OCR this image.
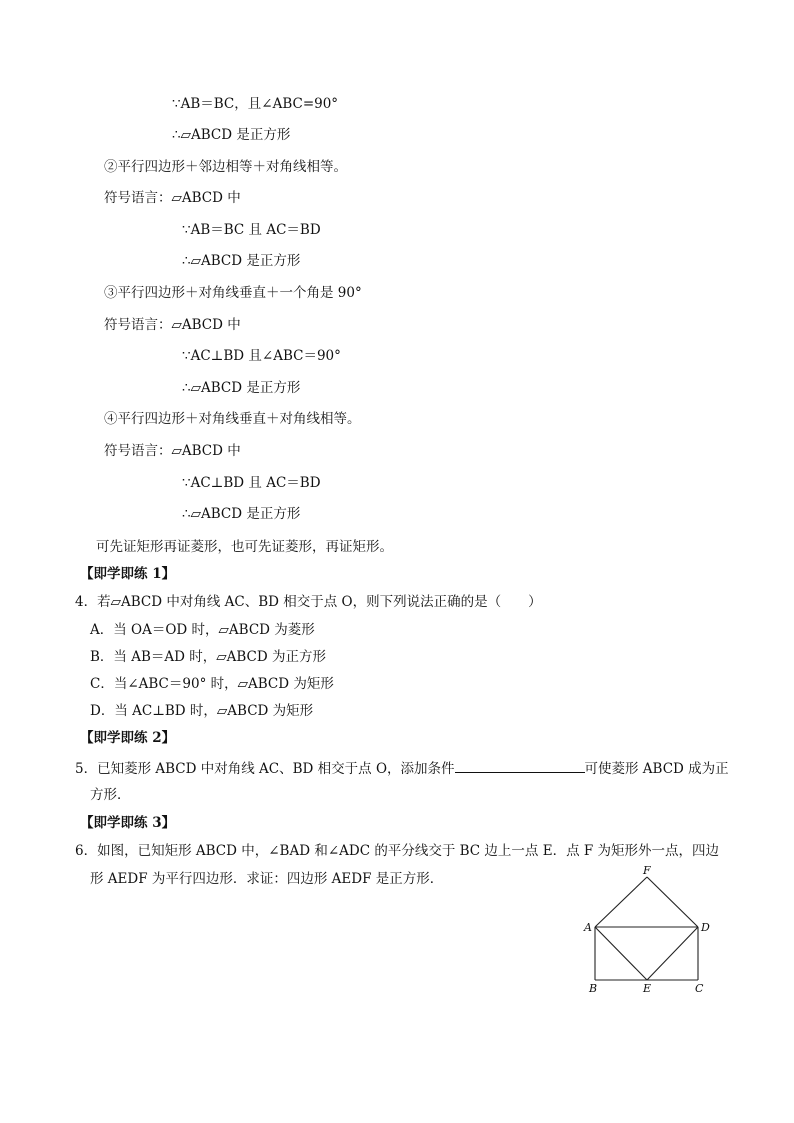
∵AB＝BC，且∠ABC=90°
∴▱ABCD 是正方形
②平行四边形＋邻边相等＋对角线相等。
符号语言：▱ABCD 中
∵AB＝BC 且 AC＝BD
∴▱ABCD 是正方形
③平行四边形＋对角线垂直＋一个角是 90°
符号语言：▱ABCD 中
∵AC⊥BD 且∠ABC＝90°
∴▱ABCD 是正方形
④平行四边形＋对角线垂直＋对角线相等。
符号语言：▱ABCD 中
∵AC⊥BD 且 AC＝BD
∴▱ABCD 是正方形
可先证矩形再证菱形，也可先证菱形，再证矩形。
【即学即练 1】
4．若▱ABCD 中对角线 AC、BD 相交于点 O，则下列说法正确的是（　　）
A．当 OA＝OD 时，▱ABCD 为菱形
B．当 AB＝AD 时，▱ABCD 为正方形
C．当∠ABC＝90° 时，▱ABCD 为矩形
D．当 AC⊥BD 时，▱ABCD 为矩形
【即学即练 2】
5．已知菱形 ABCD 中对角线 AC、BD 相交于点 O，添加条件	可使菱形 ABCD 成为正
方形．
【即学即练 3】
6．如图，已知矩形 ABCD 中，∠BAD 和∠ADC 的平分线交于 BC 边上一点 E．点 F 为矩形外一点，四边
形 AEDF 为平行四边形．求证：四边形 AEDF 是正方形．
A	D
B	E	C
F
